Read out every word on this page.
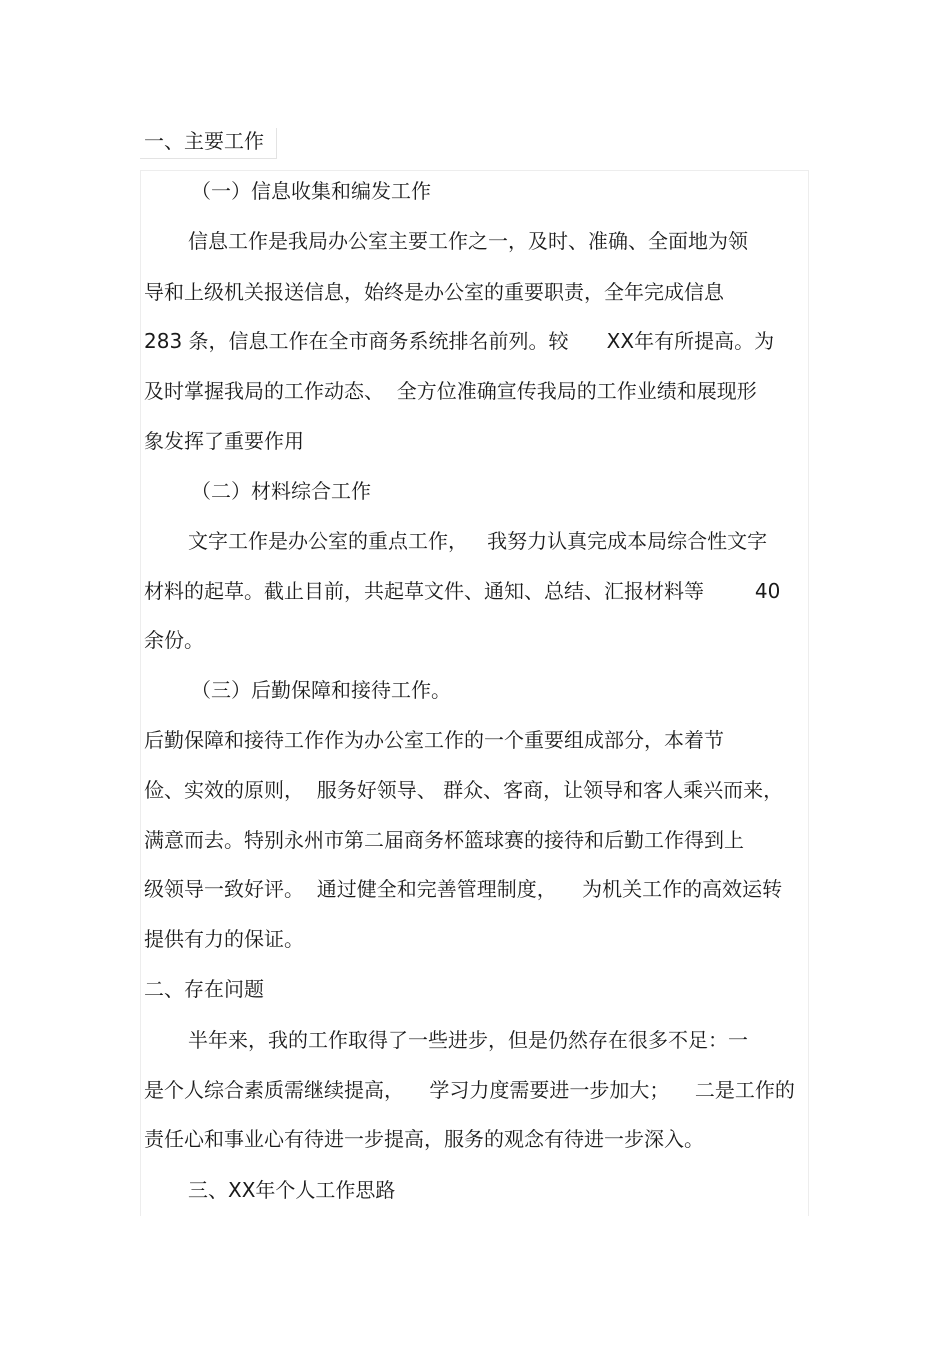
一、主要工作

（一）信息收集和编发工作

信息工作是我局办公室主要工作之一，及时、准确、全面地为领

导和上级机关报送信息，始终是办公室的重要职责，全年完成信息

283 条，信息工作在全市商务系统排名前列。较      XX年有所提高。为

及时掌握我局的工作动态、  全方位准确宣传我局的工作业绩和展现形

象发挥了重要作用

（二）材料综合工作

文字工作是办公室的重点工作，   我努力认真完成本局综合性文字

材料的起草。截止目前，共起草文件、通知、总结、汇报材料等        40

余份。

（三）后勤保障和接待工作。

后勤保障和接待工作作为办公室工作的一个重要组成部分，本着节

俭、实效的原则，  服务好领导、 群众、客商，让领导和客人乘兴而来，

满意而去。特别永州市第二届商务杯篮球赛的接待和后勤工作得到上

级领导一致好评。  通过健全和完善管理制度，    为机关工作的高效运转

提供有力的保证。

二、存在问题

半年来，我的工作取得了一些进步，但是仍然存在很多不足：一

是个人综合素质需继续提高，    学习力度需要进一步加大；    二是工作的

责任心和事业心有待进一步提高，服务的观念有待进一步深入。

三、XX年个人工作思路
